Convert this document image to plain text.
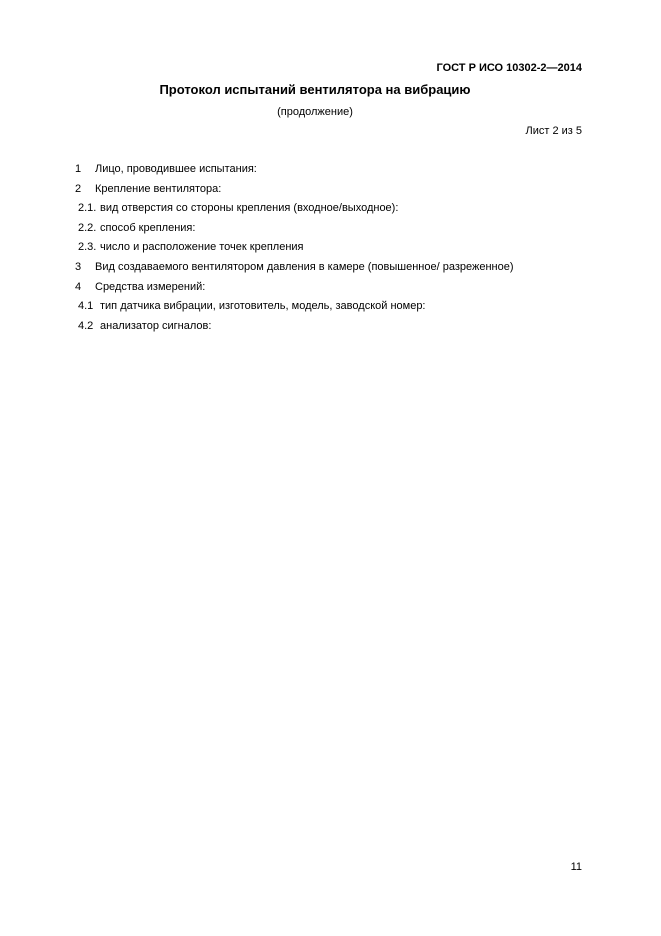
ГОСТ Р ИСО 10302-2—2014
Протокол испытаний вентилятора на вибрацию
(продолжение)
Лист 2 из 5
1 Лицо, проводившее испытания:
2 Крепление вентилятора:
2.1. вид отверстия со стороны крепления (входное/выходное):
2.2. способ крепления:
2.3. число и расположение точек крепления
3 Вид создаваемого вентилятором давления в камере (повышенное/ разреженное)
4 Средства измерений:
4.1 тип датчика вибрации, изготовитель, модель, заводской номер:
4.2 анализатор сигналов:
11
